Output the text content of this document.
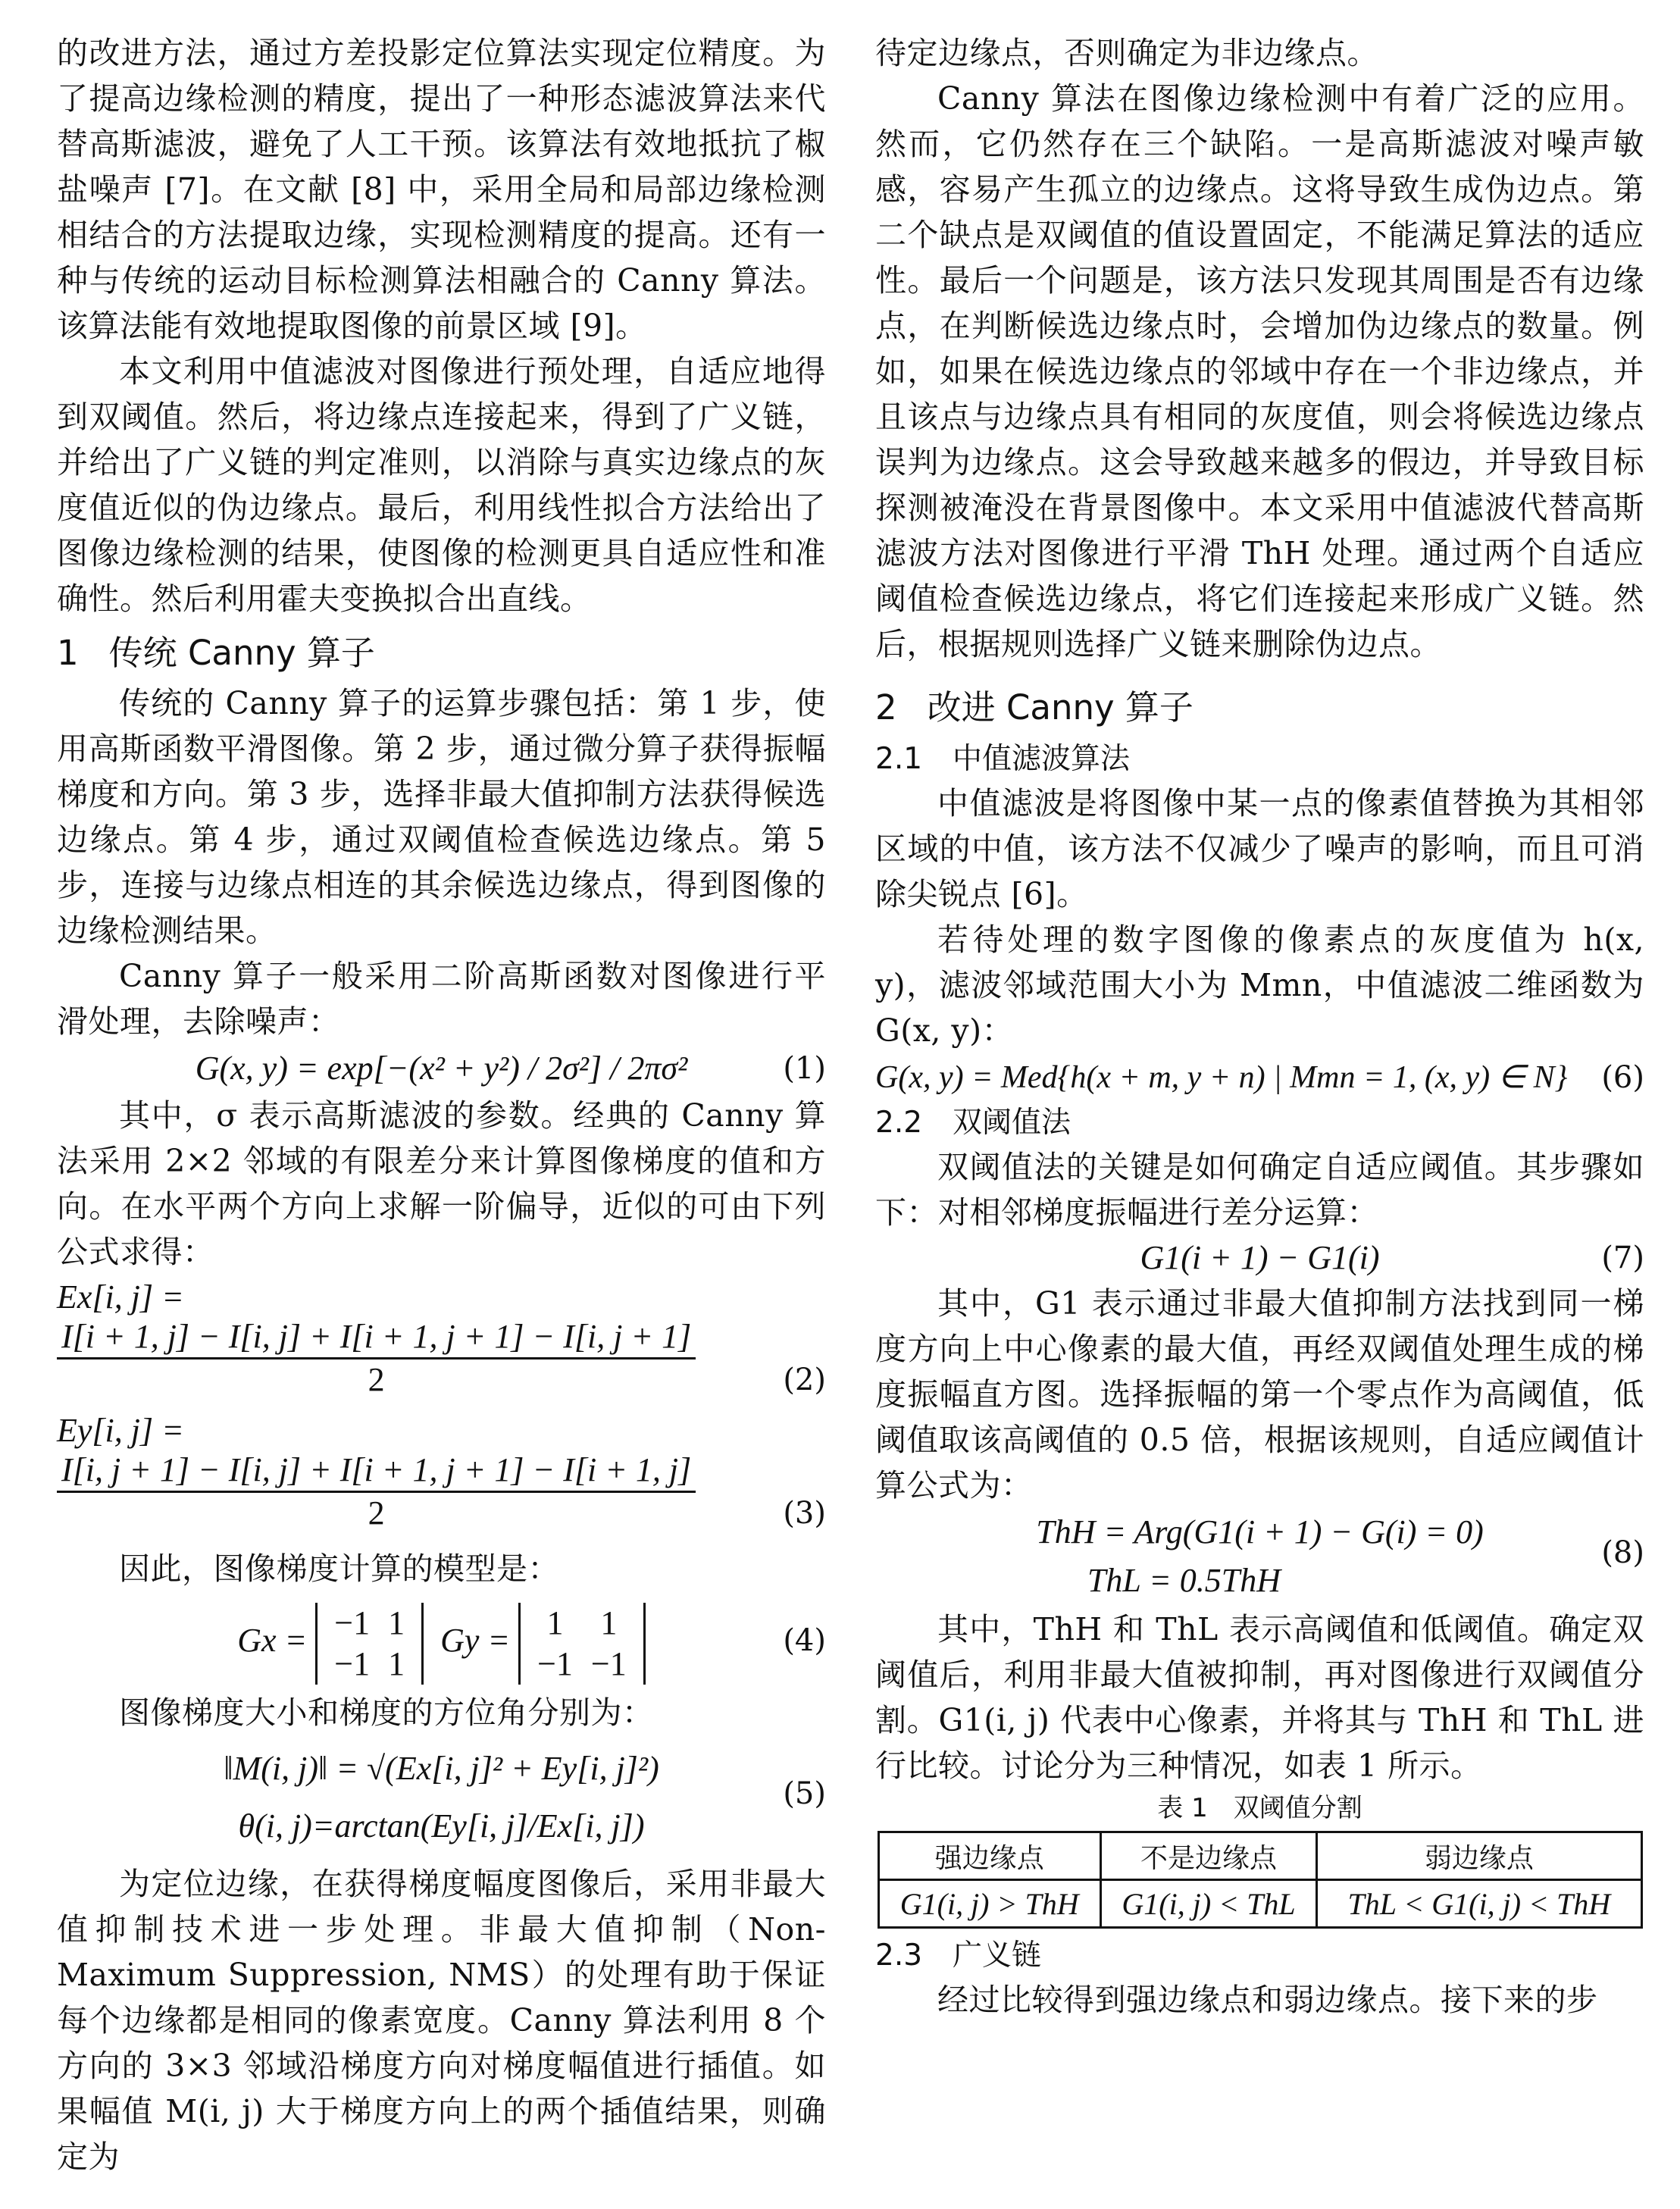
的改进方法，通过方差投影定位算法实现定位精度。为了提高边缘检测的精度，提出了一种形态滤波算法来代替高斯滤波，避免了人工干预。该算法有效地抵抗了椒盐噪声 [7]。在文献 [8] 中，采用全局和局部边缘检测相结合的方法提取边缘，实现检测精度的提高。还有一种与传统的运动目标检测算法相融合的 Canny 算法。该算法能有效地提取图像的前景区域 [9]。

本文利用中值滤波对图像进行预处理，自适应地得到双阈值。然后，将边缘点连接起来，得到了广义链，并给出了广义链的判定准则，以消除与真实边缘点的灰度值近似的伪边缘点。最后，利用线性拟合方法给出了图像边缘检测的结果，使图像的检测更具自适应性和准确性。然后利用霍夫变换拟合出直线。

1 传统 Canny 算子

传统的 Canny 算子的运算步骤包括：第 1 步，使用高斯函数平滑图像。第 2 步，通过微分算子获得振幅梯度和方向。第 3 步，选择非最大值抑制方法获得候选边缘点。第 4 步，通过双阈值检查候选边缘点。第 5 步，连接与边缘点相连的其余候选边缘点，得到图像的边缘检测结果。

Canny 算子一般采用二阶高斯函数对图像进行平滑处理，去除噪声：

G(x, y) = exp[−(x² + y²) / 2σ²] / 2πσ²	(1)

其中，σ 表示高斯滤波的参数。经典的 Canny 算法采用 2×2 邻域的有限差分来计算图像梯度的值和方向。在水平两个方向上求解一阶偏导，近似的可由下列公式求得：

Ex[i, j] =
$\frac{I[i + 1, j] - I[i, j] + I[i + 1, j + 1] - I[i, j + 1]}{2}$	(2)
Ey[i, j] =
$\frac{I[i, j + 1] - I[i, j] + I[i + 1, j + 1] - I[i + 1, j]}{2}$	(3)

因此，图像梯度计算的模型是：

Gx = −1	1
−1	1
Gy = 1	1
−1	−1
(4)

图像梯度大小和梯度的方位角分别为：

‖M(i, j)‖ = √(Ex[i, j]² + Ey[i, j]²)
θ(i, j)=arctan(Ey[i, j]/Ex[i, j])
(5)

为定位边缘，在获得梯度幅度图像后，采用非最大值抑制技术进一步处理。非最大值抑制（Non-Maximum Suppression, NMS）的处理有助于保证每个边缘都是相同的像素宽度。Canny 算法利用 8 个方向的 3×3 邻域沿梯度方向对梯度幅值进行插值。如果幅值 M(i, j) 大于梯度方向上的两个插值结果，则确定为

待定边缘点，否则确定为非边缘点。

Canny 算法在图像边缘检测中有着广泛的应用。然而，它仍然存在三个缺陷。一是高斯滤波对噪声敏感，容易产生孤立的边缘点。这将导致生成伪边点。第二个缺点是双阈值的值设置固定，不能满足算法的适应性。最后一个问题是，该方法只发现其周围是否有边缘点，在判断候选边缘点时，会增加伪边缘点的数量。例如，如果在候选边缘点的邻域中存在一个非边缘点，并且该点与边缘点具有相同的灰度值，则会将候选边缘点误判为边缘点。这会导致越来越多的假边，并导致目标探测被淹没在背景图像中。本文采用中值滤波代替高斯滤波方法对图像进行平滑 ThH 处理。通过两个自适应阈值检查候选边缘点，将它们连接起来形成广义链。然后，根据规则选择广义链来删除伪边点。

2 改进 Canny 算子
2.1 中值滤波算法

中值滤波是将图像中某一点的像素值替换为其相邻区域的中值，该方法不仅减少了噪声的影响，而且可消除尖锐点 [6]。

若待处理的数字图像的像素点的灰度值为 h(x, y)，滤波邻域范围大小为 Mmn，中值滤波二维函数为 G(x, y)：

G(x, y) = Med{h(x + m, y + n) | Mmn = 1, (x, y) ∈ N} (6)
2.2 双阈值法

双阈值法的关键是如何确定自适应阈值。其步骤如下：对相邻梯度振幅进行差分运算：

G1(i + 1) − G1(i)	(7)

其中，G1 表示通过非最大值抑制方法找到同一梯度方向上中心像素的最大值，再经双阈值处理生成的梯度振幅直方图。选择振幅的第一个零点作为高阈值，低阈值取该高阈值的 0.5 倍，根据该规则，自适应阈值计算公式为：

ThH = Arg(G1(i + 1) − G(i) = 0)
ThL = 0.5ThH
(8)

其中，ThH 和 ThL 表示高阈值和低阈值。确定双阈值后，利用非最大值被抑制，再对图像进行双阈值分割。G1(i, j) 代表中心像素，并将其与 ThH 和 ThL 进行比较。讨论分为三种情况，如表 1 所示。

表 1　双阈值分割
强边缘点	不是边缘点	弱边缘点
G1(i, j) > ThH	G1(i, j) < ThL	ThL < G1(i, j) < ThH
2.3 广义链

经过比较得到强边缘点和弱边缘点。接下来的步
